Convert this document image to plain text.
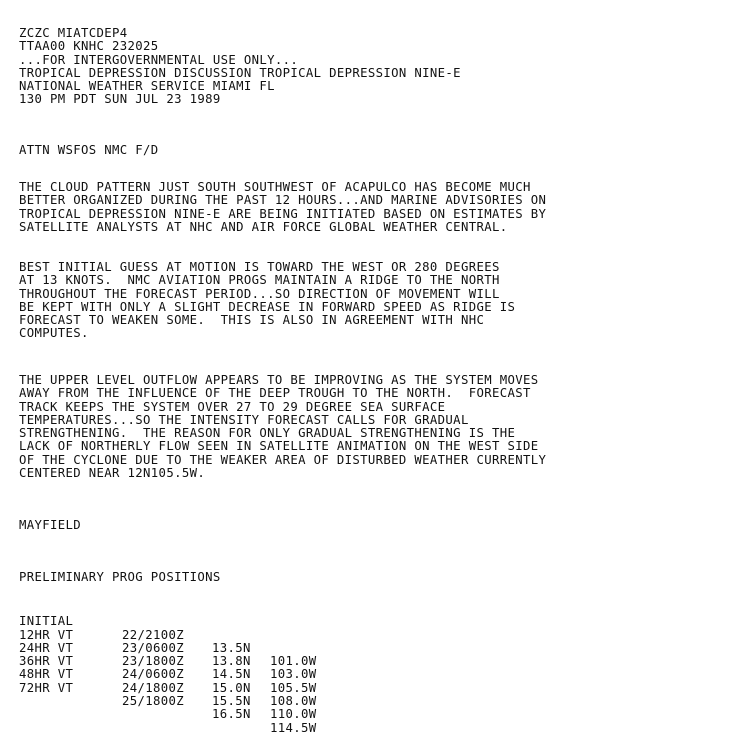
ZCZC MIATCDEP4
TTAA00 KNHC 232025
...FOR INTERGOVERNMENTAL USE ONLY...
TROPICAL DEPRESSION DISCUSSION TROPICAL DEPRESSION NINE-E
NATIONAL WEATHER SERVICE MIAMI FL
130 PM PDT SUN JUL 23 1989
ATTN WSFOS NMC F/D
THE CLOUD PATTERN JUST SOUTH SOUTHWEST OF ACAPULCO HAS BECOME MUCH
BETTER ORGANIZED DURING THE PAST 12 HOURS...AND MARINE ADVISORIES ON
TROPICAL DEPRESSION NINE-E ARE BEING INITIATED BASED ON ESTIMATES BY
SATELLITE ANALYSTS AT NHC AND AIR FORCE GLOBAL WEATHER CENTRAL.
BEST INITIAL GUESS AT MOTION IS TOWARD THE WEST OR 280 DEGREES
AT 13 KNOTS.  NMC AVIATION PROGS MAINTAIN A RIDGE TO THE NORTH
THROUGHOUT THE FORECAST PERIOD...SO DIRECTION OF MOVEMENT WILL
BE KEPT WITH ONLY A SLIGHT DECREASE IN FORWARD SPEED AS RIDGE IS
FORECAST TO WEAKEN SOME.  THIS IS ALSO IN AGREEMENT WITH NHC
COMPUTES.
THE UPPER LEVEL OUTFLOW APPEARS TO BE IMPROVING AS THE SYSTEM MOVES
AWAY FROM THE INFLUENCE OF THE DEEP TROUGH TO THE NORTH.  FORECAST
TRACK KEEPS THE SYSTEM OVER 27 TO 29 DEGREE SEA SURFACE
TEMPERATURES...SO THE INTENSITY FORECAST CALLS FOR GRADUAL
STRENGTHENING.  THE REASON FOR ONLY GRADUAL STRENGTHENING IS THE
LACK OF NORTHERLY FLOW SEEN IN SATELLITE ANIMATION ON THE WEST SIDE
OF THE CYCLONE DUE TO THE WEAKER AREA OF DISTURBED WEATHER CURRENTLY
CENTERED NEAR 12N105.5W.
MAYFIELD
PRELIMINARY PROG POSITIONS

INITIAL

22/2100Z

13.5N

101.0W

12HR VT

23/0600Z

13.8N

103.0W

24HR VT

23/1800Z

14.5N

105.5W

36HR VT

24/0600Z

15.0N

108.0W

48HR VT

24/1800Z

15.5N

110.0W

72HR VT

25/1800Z

16.5N

114.5W
